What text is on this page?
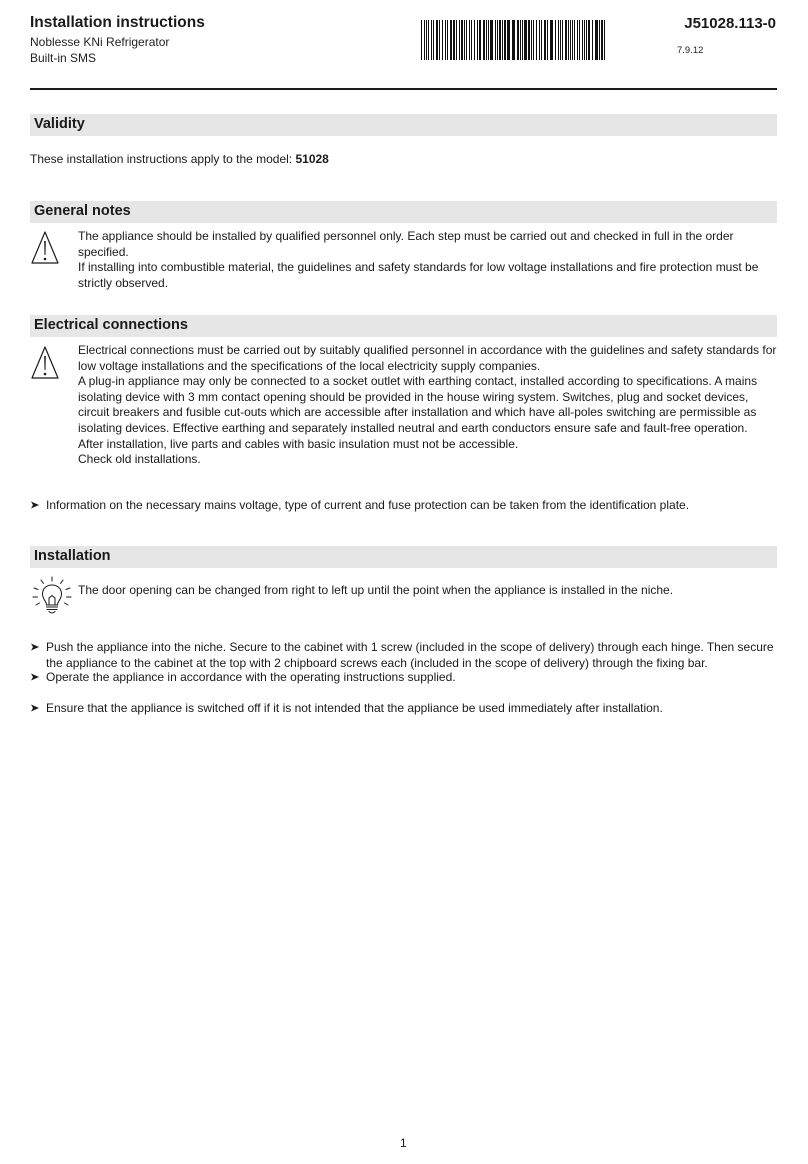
Installation instructions
Noblesse KNi Refrigerator
Built-in SMS
J51028.113-0
7.9.12
Validity
These installation instructions apply to the model: 51028
General notes

The appliance should be installed by qualified personnel only. Each step must be carried out and checked in full in the order specified.

If installing into combustible material, the guidelines and safety standards for low voltage installations and fire protection must be strictly observed.

Electrical connections

Electrical connections must be carried out by suitably qualified personnel in accordance with the guidelines and safety standards for low voltage installations and the specifications of the local electricity supply companies.

A plug-in appliance may only be connected to a socket outlet with earthing contact, installed according to specifications. A mains isolating device with 3 mm contact opening should be provided in the house wiring system. Switches, plug and socket devices, circuit breakers and fusible cut-outs which are accessible after installation and which have all-poles switching are permissible as isolating devices. Effective earthing and separately installed neutral and earth conductors ensure safe and fault-free operation.

After installation, live parts and cables with basic insulation must not be accessible.

Check old installations.

Information on the necessary mains voltage, type of current and fuse protection can be taken from the identification plate.
Installation
The door opening can be changed from right to left up until the point when the appliance is installed in the niche.
Push the appliance into the niche. Secure to the cabinet with 1 screw (included in the scope of delivery) through each hinge. Then secure the appliance to the cabinet at the top with 2 chipboard screws each (included in the scope of delivery) through the fixing bar.
Operate the appliance in accordance with the operating instructions supplied.
Ensure that the appliance is switched off if it is not intended that the appliance be used immediately after installation.
1
